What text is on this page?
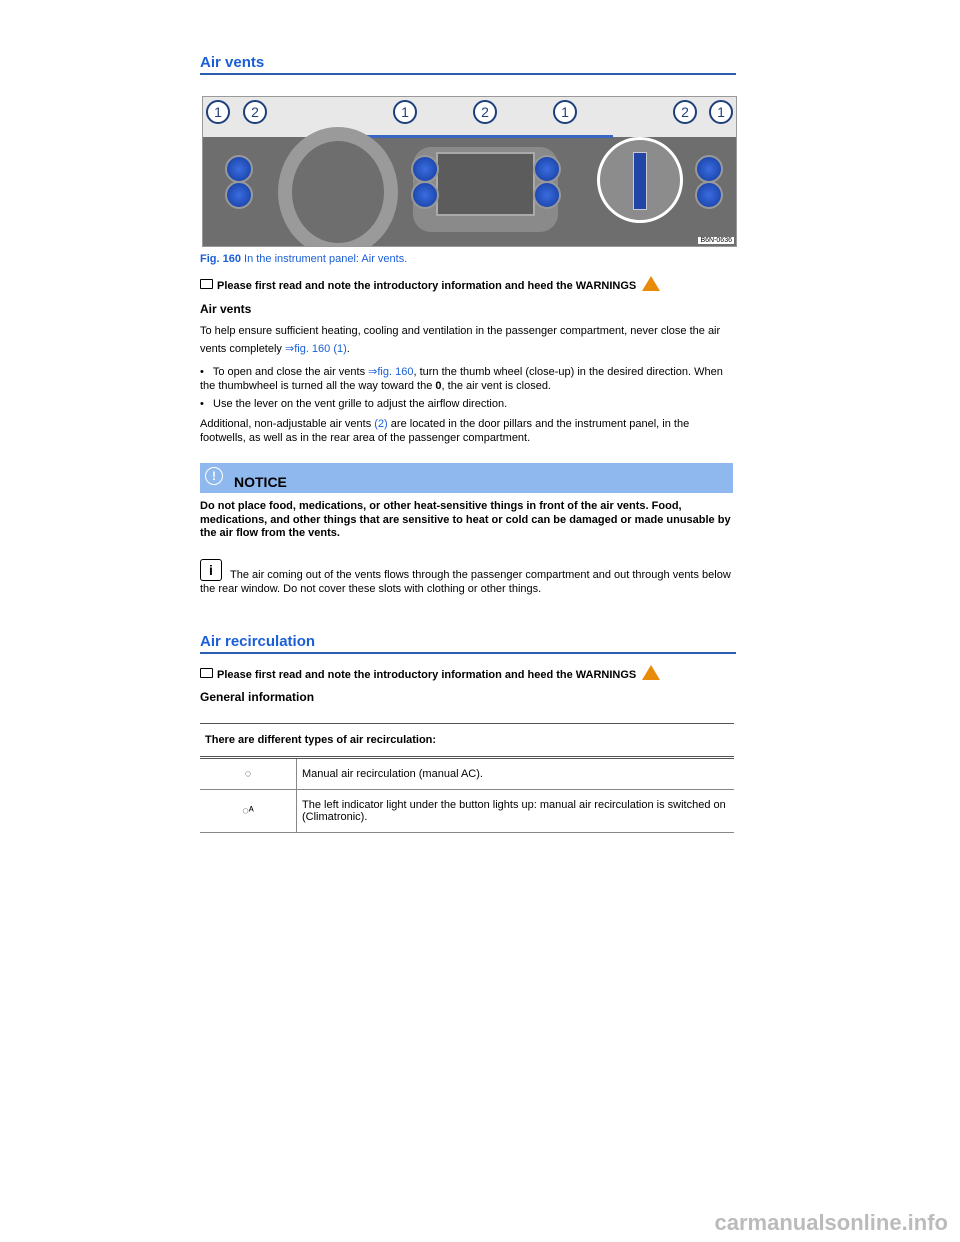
Air vents
1	2	1	2	1	2	1
B6N-0636
Fig. 160 In the instrument panel: Air vents.
Please first read and note the introductory information and heed the WARNINGS
Air vents
To help ensure sufficient heating, cooling and ventilation in the passenger compartment, never close the air vents completely ⇒fig. 160 (1).
•   To open and close the air vents ⇒fig. 160, turn the thumb wheel (close-up) in the desired direction. When the thumbwheel is turned all the way toward the 0, the air vent is closed.
•   Use the lever on the vent grille to adjust the airflow direction.
Additional, non-adjustable air vents (2) are located in the door pillars and the instrument panel, in the footwells, as well as in the rear area of the passenger compartment.
!	NOTICE
Do not place food, medications, or other heat-sensitive things in front of the air vents. Food, medications, and other things that are sensitive to heat or cold can be damaged or made unusable by the air flow from the vents.
i	The air coming out of the vents flows through the passenger compartment and out through vents below the rear window. Do not cover these slots with clothing or other things.
Air recirculation
Please first read and note the introductory information and heed the WARNINGS
General information
There are different types of air recirculation:
◌	Manual air recirculation (manual AC).
◌ᴬ	The left indicator light under the button lights up: manual air recirculation is switched on (Climatronic).
carmanualsonline.info
